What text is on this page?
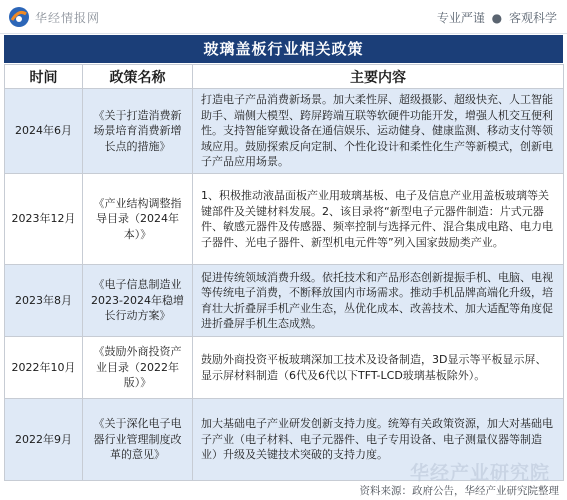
华经情报网	专业严谨 ● 客观科学
玻璃盖板行业相关政策
时间	政策名称	主要内容
2024年6月	《关于打造消费新场景培育消费新增长点的措施》	打造电子产品消费新场景。加大柔性屏、超级摄影、超级快充、人工智能助手、端侧大模型、跨屏跨端互联等软硬件功能开发，增强人机交互便利性。支持智能穿戴设备在通信娱乐、运动健身、健康监测、移动支付等领域应用。鼓励探索反向定制、个性化设计和柔性化生产等新模式，创新电子产品应用场景。
2023年12月	《产业结构调整指导目录（2024年本）》	1、积极推动液晶面板产业用玻璃基板、电子及信息产业用盖板玻璃等关键部件及关键材料发展。2、该目录将“新型电子元器件制造：片式元器件、敏感元器件及传感器、频率控制与选择元件、混合集成电路、电力电子器件、光电子器件、新型机电元件等”列入国家鼓励类产业。
2023年8月	《电子信息制造业2023-2024年稳增长行动方案》	促进传统领域消费升级。依托技术和产品形态创新提振手机、电脑、电视等传统电子消费，不断释放国内市场需求。推动手机品牌高端化升级，培育壮大折叠屏手机产业生态，丛优化成本、改善技术、加大适配等角度促进折叠屏手机生态成熟。
2022年10月	《鼓励外商投资产业目录（2022年版）》	鼓励外商投资平板玻璃深加工技术及设备制造，3D显示等平板显示屏、显示屏材料制造（6代及6代以下TFT-LCD玻璃基板除外）。
2022年9月	《关于深化电子电器行业管理制度改革的意见》	加大基础电子产业研发创新支持力度。统筹有关政策资源，加大对基础电子产业（电子材料、电子元器件、电子专用设备、电子测量仪器等制造业）升级及关键技术突破的支持力度。
华经产业研究院
资料来源：政府公告，华经产业研究院整理
